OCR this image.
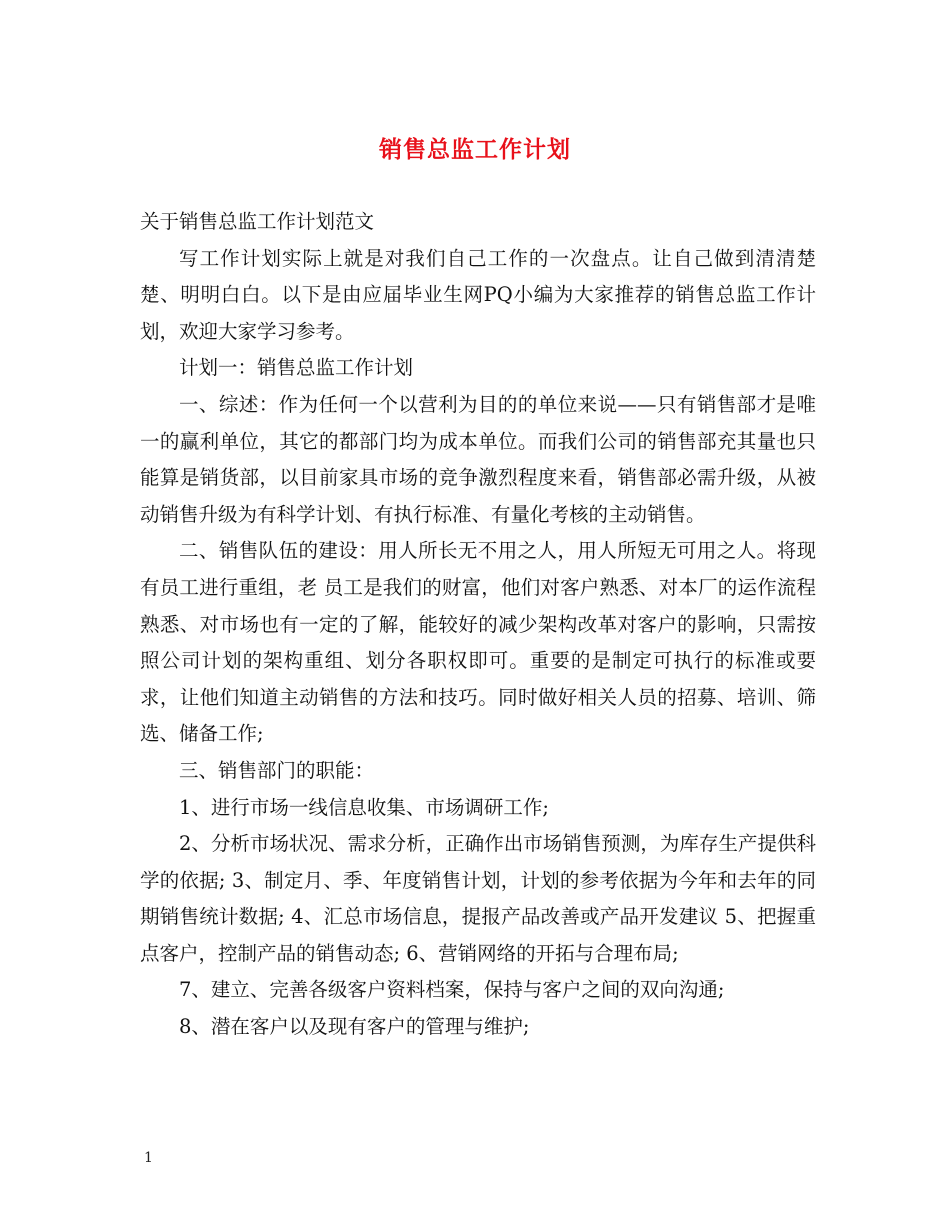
销售总监工作计划

关于销售总监工作计划范文

写工作计划实际上就是对我们自己工作的一次盘点。让自己做到清清楚楚、明明白白。以下是由应届毕业生网PQ小编为大家推荐的销售总监工作计划，欢迎大家学习参考。

计划一：销售总监工作计划

一、综述：作为任何一个以营利为目的的单位来说——只有销售部才是唯一的赢利单位，其它的都部门均为成本单位。而我们公司的销售部充其量也只能算是销货部，以目前家具市场的竞争激烈程度来看，销售部必需升级，从被动销售升级为有科学计划、有执行标准、有量化考核的主动销售。

二、销售队伍的建设：用人所长无不用之人，用人所短无可用之人。将现有员工进行重组，老 员工是我们的财富，他们对客户熟悉、对本厂的运作流程熟悉、对市场也有一定的了解，能较好的减少架构改革对客户的影响，只需按照公司计划的架构重组、划分各职权即可。重要的是制定可执行的标准或要求，让他们知道主动销售的方法和技巧。同时做好相关人员的招募、培训、筛选、储备工作;

三、销售部门的职能：

1、进行市场一线信息收集、市场调研工作;

2、分析市场状况、需求分析，正确作出市场销售预测，为库存生产提供科学的依据; 3、制定月、季、年度销售计划，计划的参考依据为今年和去年的同期销售统计数据; 4、汇总市场信息，提报产品改善或产品开发建议 5、把握重点客户，控制产品的销售动态; 6、营销网络的开拓与合理布局;

7、建立、完善各级客户资料档案，保持与客户之间的双向沟通;

8、潜在客户以及现有客户的管理与维护;

1
